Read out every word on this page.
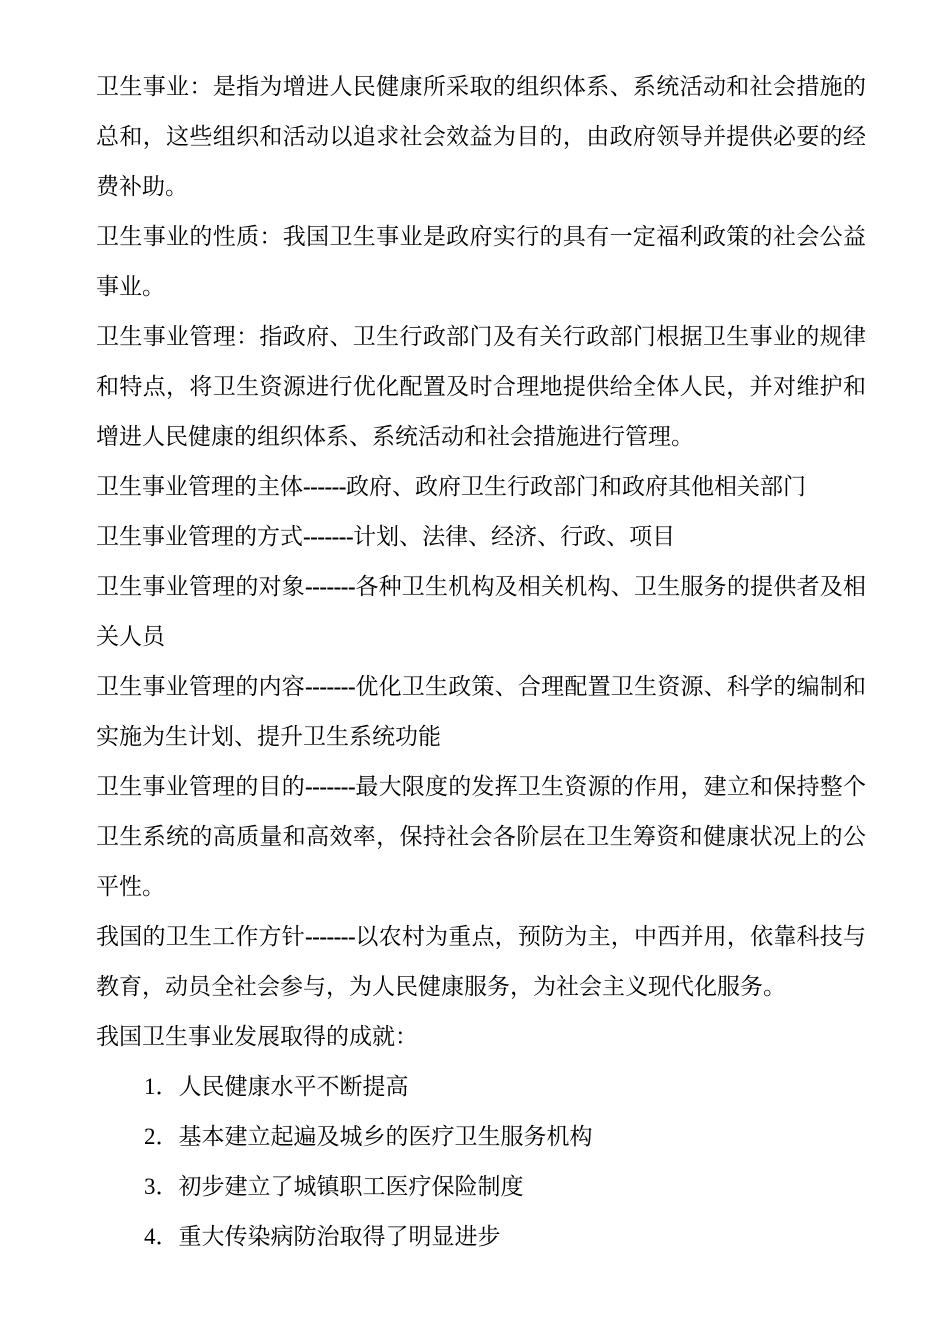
卫生事业：是指为增进人民健康所采取的组织体系、系统活动和社会措施的总和，这些组织和活动以追求社会效益为目的，由政府领导并提供必要的经费补助。

卫生事业的性质：我国卫生事业是政府实行的具有一定福利政策的社会公益事业。

卫生事业管理：指政府、卫生行政部门及有关行政部门根据卫生事业的规律和特点，将卫生资源进行优化配置及时合理地提供给全体人民，并对维护和增进人民健康的组织体系、系统活动和社会措施进行管理。

卫生事业管理的主体------政府、政府卫生行政部门和政府其他相关部门

卫生事业管理的方式-------计划、法律、经济、行政、项目

卫生事业管理的对象-------各种卫生机构及相关机构、卫生服务的提供者及相关人员

卫生事业管理的内容-------优化卫生政策、合理配置卫生资源、科学的编制和实施为生计划、提升卫生系统功能

卫生事业管理的目的-------最大限度的发挥卫生资源的作用，建立和保持整个卫生系统的高质量和高效率，保持社会各阶层在卫生筹资和健康状况上的公平性。

我国的卫生工作方针-------以农村为重点，预防为主，中西并用，依靠科技与教育，动员全社会参与，为人民健康服务，为社会主义现代化服务。

我国卫生事业发展取得的成就：

1．人民健康水平不断提高
2．基本建立起遍及城乡的医疗卫生服务机构
3．初步建立了城镇职工医疗保险制度
4．重大传染病防治取得了明显进步
